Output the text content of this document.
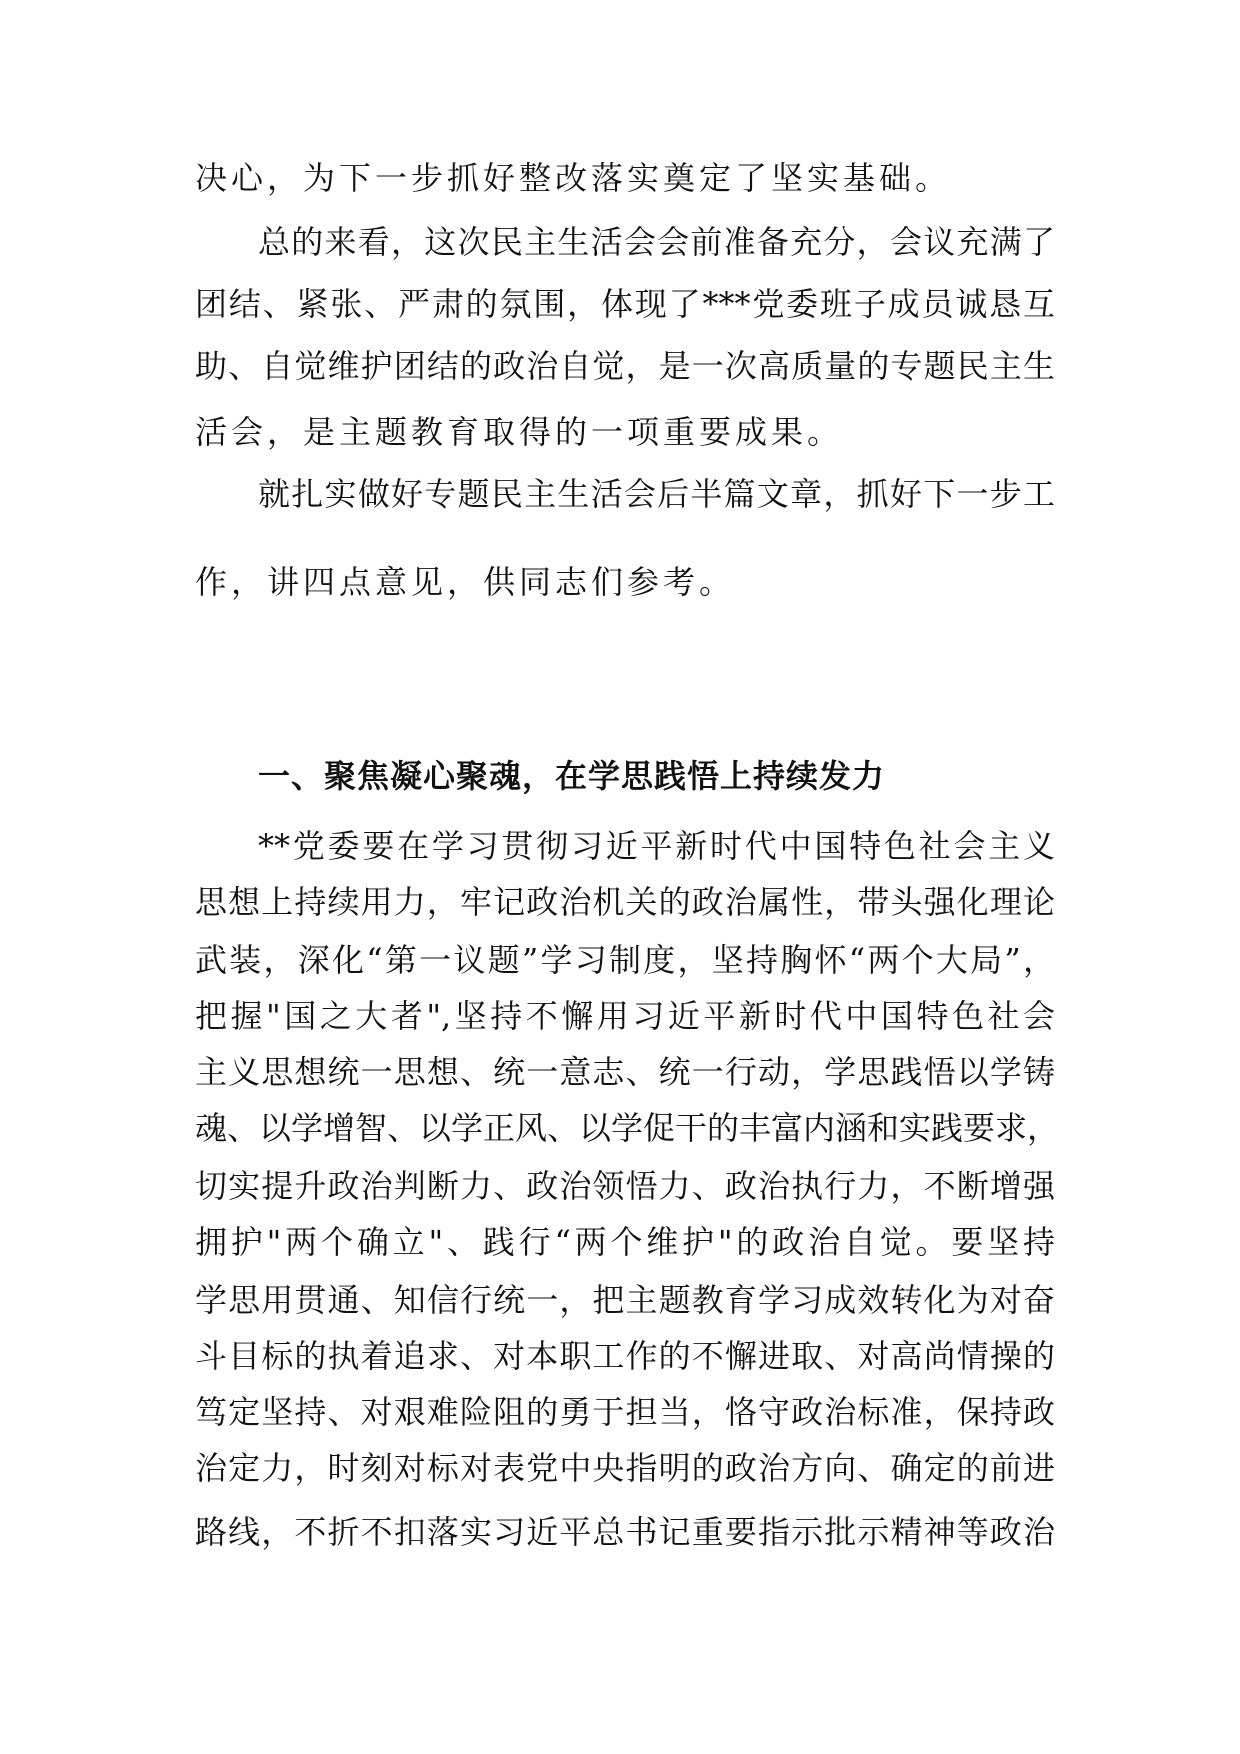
决心，为下一步抓好整改落实奠定了坚实基础。
总的来看，这次民主生活会会前准备充分，会议充满了
团结、紧张、严肃的氛围，体现了***党委班子成员诚恳互
助、自觉维护团结的政治自觉，是一次高质量的专题民主生
活会，是主题教育取得的一项重要成果。
就扎实做好专题民主生活会后半篇文章，抓好下一步工
作，讲四点意见，供同志们参考。
一、聚焦凝心聚魂，在学思践悟上持续发力
**党委要在学习贯彻习近平新时代中国特色社会主义
思想上持续用力，牢记政治机关的政治属性，带头强化理论
武装，深化“第一议题”学习制度，坚持胸怀“两个大局”，
把握"国之大者",坚持不懈用习近平新时代中国特色社会
主义思想统一思想、统一意志、统一行动，学思践悟以学铸
魂、以学增智、以学正风、以学促干的丰富内涵和实践要求，
切实提升政治判断力、政治领悟力、政治执行力，不断增强
拥护"两个确立"、践行“两个维护"的政治自觉。要坚持
学思用贯通、知信行统一，把主题教育学习成效转化为对奋
斗目标的执着追求、对本职工作的不懈进取、对高尚情操的
笃定坚持、对艰难险阻的勇于担当，恪守政治标准，保持政
治定力，时刻对标对表党中央指明的政治方向、确定的前进
路线，不折不扣落实习近平总书记重要指示批示精神等政治
